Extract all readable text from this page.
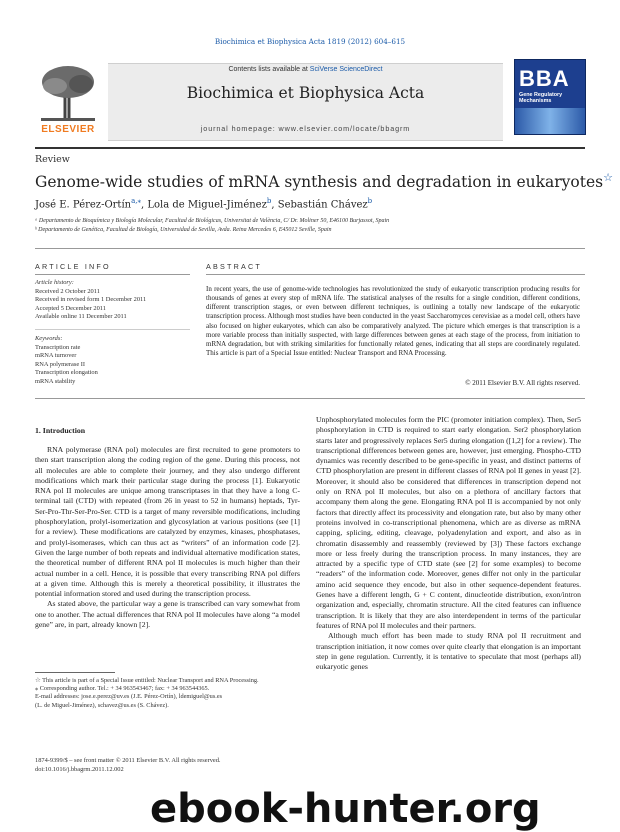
Biochimica et Biophysica Acta 1819 (2012) 604–615
Contents lists available at SciVerse ScienceDirect
Biochimica et Biophysica Acta
journal homepage: www.elsevier.com/locate/bbagrm
ELSEVIER
BBA
Gene Regulatory Mechanisms
Review
Genome-wide studies of mRNA synthesis and degradation in eukaryotes☆
José E. Pérez-Ortín$^{a,⁎}$, Lola de Miguel-Jiménez$^b$, Sebastián Chávez$^b$
ᵃ Departamento de Bioquímica y Biología Molecular, Facultad de Biológicas, Universitat de València, C/ Dr. Moliner 50, E46100 Burjassot, Spain
ᵇ Departamento de Genética, Facultad de Biología, Universidad de Sevilla, Avda. Reina Mercedes 6, E45012 Seville, Spain
ARTICLE INFO
Article history:
Received 2 October 2011
Received in revised form 1 December 2011
Accepted 5 December 2011
Available online 11 December 2011
Keywords:
Transcription rate
mRNA turnover
RNA polymerase II
Transcription elongation
mRNA stability
ABSTRACT
In recent years, the use of genome-wide technologies has revolutionized the study of eukaryotic transcription producing results for thousands of genes at every step of mRNA life. The statistical analyses of the results for a single condition, different conditions, different transcription stages, or even between different techniques, is outlining a totally new landscape of the eukaryotic transcription process. Although most studies have been conducted in the yeast Saccharomyces cerevisiae as a model cell, others have also focused on higher eukaryotes, which can also be comparatively analyzed. The picture which emerges is that transcription is a more variable process than initially suspected, with large differences between genes at each stage of the process, from initiation to mRNA degradation, but with striking similarities for functionally related genes, indicating that all steps are coordinately regulated. This article is part of a Special Issue entitled: Nuclear Transport and RNA Processing.
© 2011 Elsevier B.V. All rights reserved.
1. Introduction

RNA polymerase (RNA pol) molecules are first recruited to gene promoters to then start transcription along the coding region of the gene. During this process, not all molecules are able to complete their journey, and they also undergo different modifications which mark their particular stage during the process [1]. Eukaryotic RNA pol II molecules are unique among transcriptases in that they have a long C-terminal tail (CTD) with repeated (from 26 in yeast to 52 in humans) heptads, Tyr-Ser-Pro-Thr-Ser-Pro-Ser. CTD is a target of many reversible modifications, including phosphorylation, prolyl-isomerization and glycosylation at various positions (see [1] for a review). These modifications are catalyzed by enzymes, kinases, phosphatases, and prolyl-isomerases, which can thus act as “writers” of an information code [2]. Given the large number of both repeats and individual alternative modification states, the theoretical number of different RNA pol II molecules is much higher than their actual number in a cell. Hence, it is possible that every transcribing RNA pol differs at a given time. Although this is merely a theoretical possibility, it illustrates the potential information stored and used during the transcription process.

As stated above, the particular way a gene is transcribed can vary somewhat from one to another. The actual differences that RNA pol II molecules have along “a model gene” are, in part, already known [2].

Unphosphorylated molecules form the PIC (promoter initiation complex). Then, Ser5 phosphorylation in CTD is required to start early elongation. Ser2 phosphorylation starts later and progressively replaces Ser5 during elongation ([1,2] for a review). The transcriptional differences between genes are, however, just emerging. Phospho-CTD dynamics was recently described to be gene-specific in yeast, and distinct patterns of CTD phosphorylation are present in different classes of RNA pol II genes in yeast [2]. Moreover, it should also be considered that differences in transcription depend not only on RNA pol II molecules, but also on a plethora of ancillary factors that accompany them along the gene. Elongating RNA pol II is accompanied by not only factors that directly affect its processivity and elongation rate, but also by many other proteins involved in co-transcriptional phenomena, which are as diverse as mRNA capping, splicing, editing, cleavage, polyadenylation and export, and also as in chromatin disassembly and reassembly (reviewed by [3]) These factors exchange more or less freely during the transcription process. In many instances, they are attracted by a specific type of CTD state (see [2] for some examples) to become “readers” of the information code. Moreover, genes differ not only in the particular amino acid sequence they encode, but also in other sequence-dependent features. Genes have a different length, G + C content, dinucleotide distribution, exon/intron organization and, especially, chromatin structure. All the cited features can influence transcription. It is likely that they are also interdependent in terms of the particular features of RNA pol II molecules and their partners.

Although much effort has been made to study RNA pol II recruitment and transcription initiation, it now comes over quite clearly that elongation is an important step in gene regulation. Currently, it is tentative to speculate that most (perhaps all) eukaryotic genes

☆ This article is part of a Special Issue entitled: Nuclear Transport and RNA Processing.
⁎ Corresponding author. Tel.: + 34 963543467; fax: + 34 963544365.
E-mail addresses: jose.e.perez@uv.es (J.E. Pérez-Ortín), ldemiguel@us.es
(L. de Miguel-Jiménez), schavez@us.es (S. Chávez).
1874-9399/$ – see front matter © 2011 Elsevier B.V. All rights reserved.
doi:10.1016/j.bbagrm.2011.12.002
ebook-hunter.org
